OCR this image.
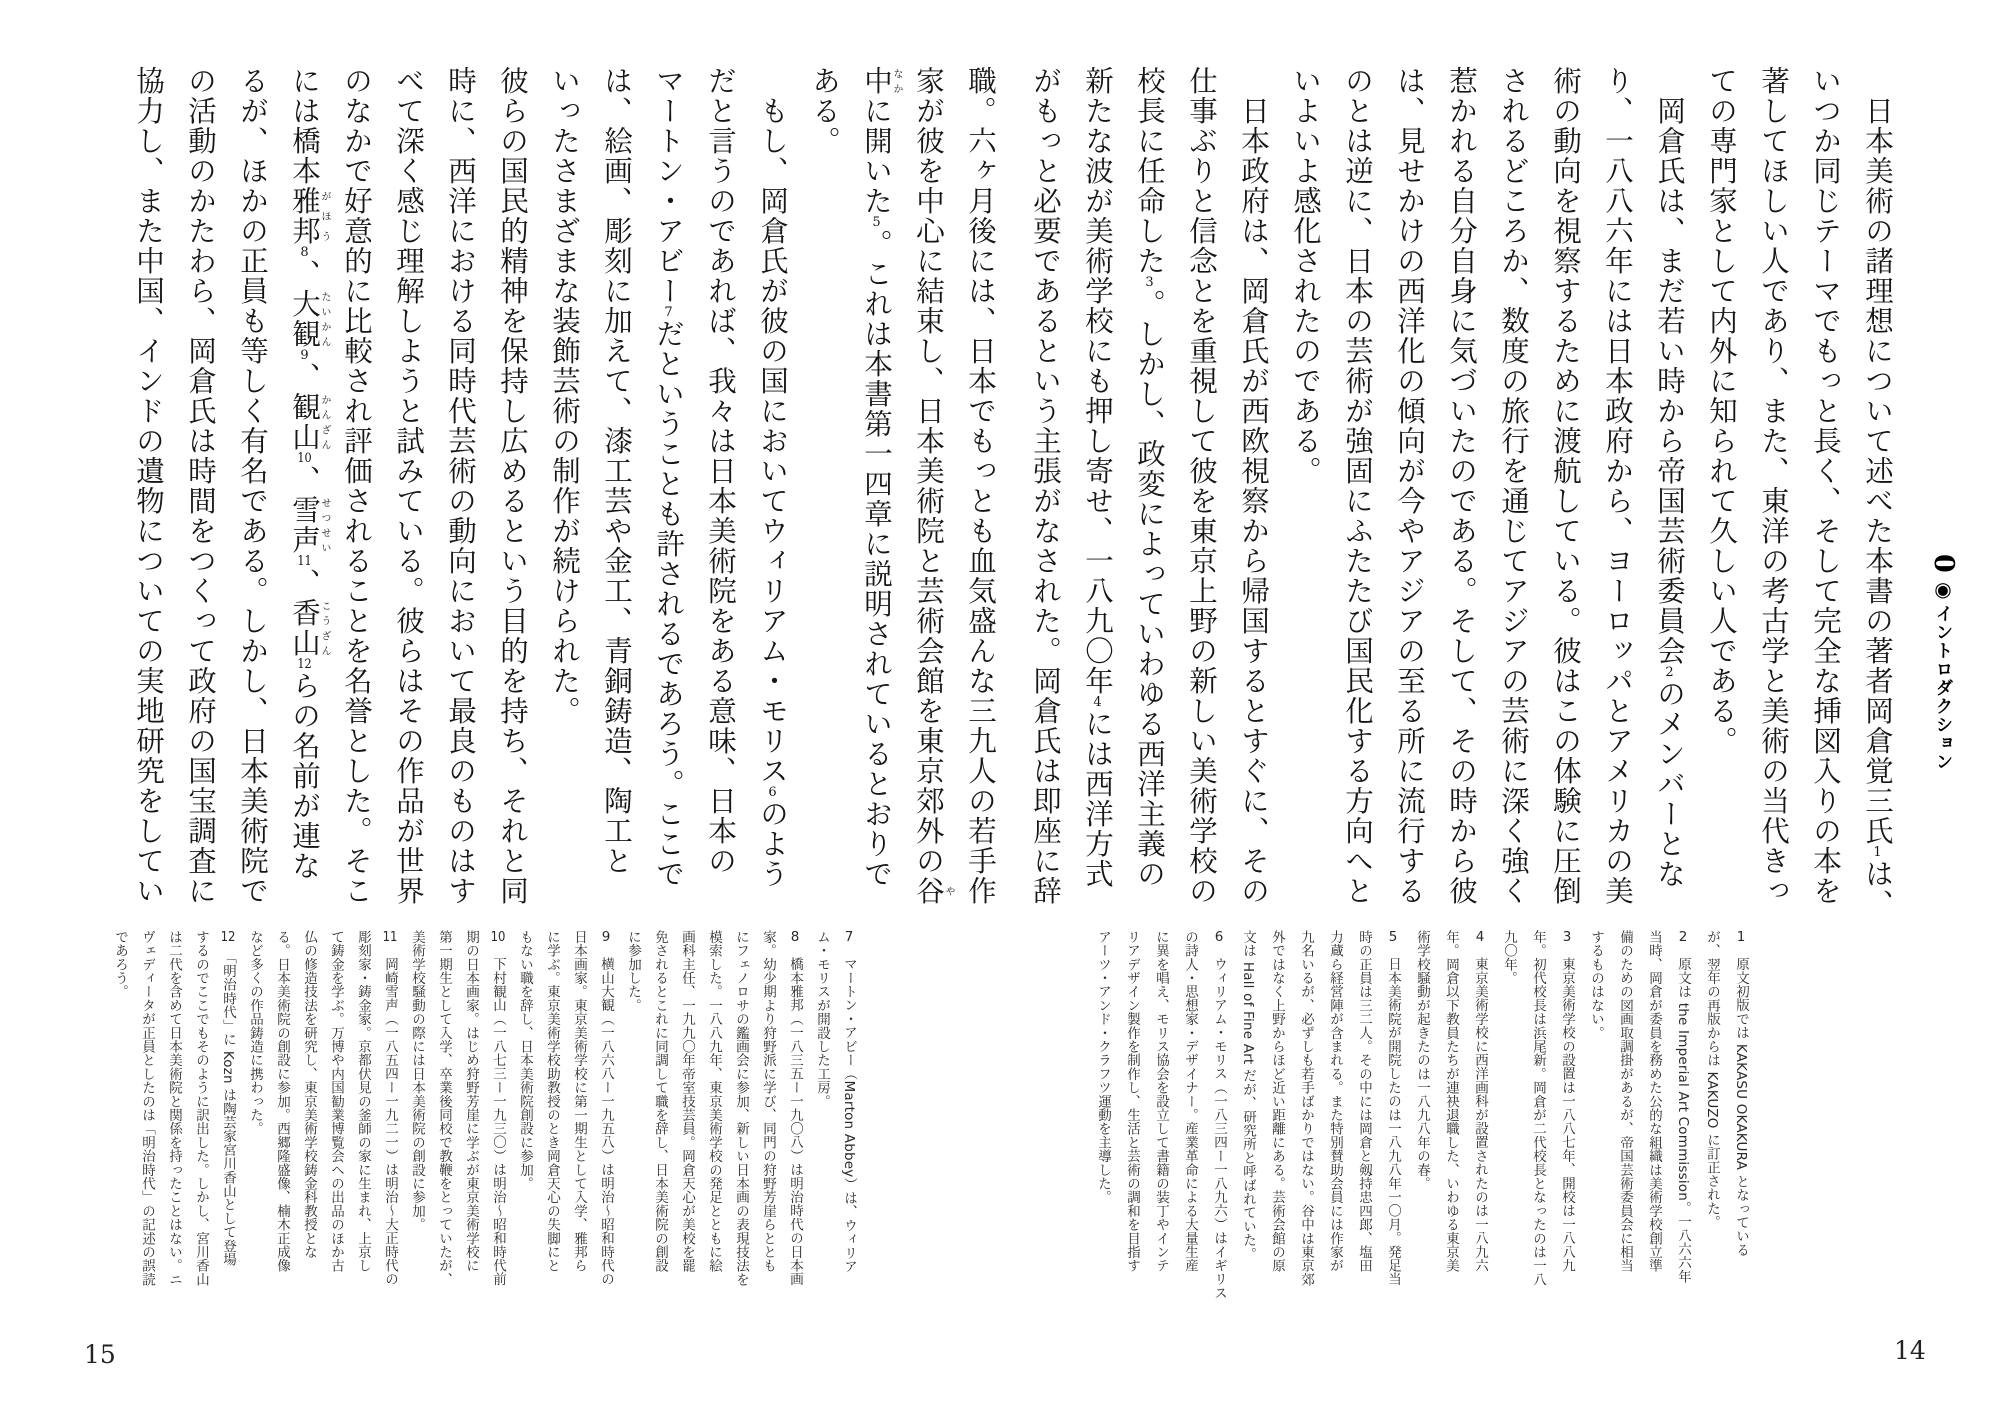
0◉イントロダクション
　日本美術の諸理想について述べた本書の著者岡倉覚三氏1は、
いつか同じテーマでもっと長く、そして完全な挿図入りの本を
著してほしい人であり、また、東洋の考古学と美術の当代きっ
ての専門家として内外に知られて久しい人である。
　岡倉氏は、まだ若い時から帝国芸術委員会2のメンバーとな
り、一八八六年には日本政府から、ヨーロッパとアメリカの美
術の動向を視察するために渡航している。彼はこの体験に圧倒
されるどころか、数度の旅行を通じてアジアの芸術に深く強く
惹かれる自分自身に気づいたのである。そして、その時から彼
は、見せかけの西洋化の傾向が今やアジアの至る所に流行する
のとは逆に、日本の芸術が強固にふたたび国民化する方向へと
いよいよ感化されたのである。
　日本政府は、岡倉氏が西欧視察から帰国するとすぐに、その
仕事ぶりと信念とを重視して彼を東京上野の新しい美術学校の
校長に任命した3。しかし、政変によっていわゆる西洋主義の
新たな波が美術学校にも押し寄せ、一八九〇年4には西洋方式
がもっと必要であるという主張がなされた。岡倉氏は即座に辞
1　原文初版では KAKASU OKAKURA となっている
が、翌年の再版からは KAKUZO に訂正された。
2　原文は the Imperial Art Commission。一八六六年
当時、岡倉が委員を務めた公的な組織は美術学校創立準
備のための図画取調掛があるが、帝国芸術委員会に相当
するものはない。
3　東京美術学校の設置は一八八七年、開校は一八八九
年。初代校長は浜尾新。岡倉が二代校長となったのは一八
九〇年。
4　東京美術学校に西洋画科が設置されたのは一八九六
年。岡倉以下教員たちが連袂退職した、いわゆる東京美
術学校騒動が起きたのは一八九八年の春。
5　日本美術院が開院したのは一八九八年一〇月。発足当
時の正員は三二人。その中には岡倉と剱持忠四郎、塩田
力蔵ら経営陣が含まれる。また特別賛助会員には作家が
九名いるが、必ずしも若手ばかりではない。谷中は東京郊
外ではなく上野からほど近い距離にある。芸術会館の原
文は Hall of Fine Art だが、研究所と呼ばれていた。
6　ウィリアム・モリス（一八三四ー一八九六）はイギリス
の詩人・思想家・デザイナー。産業革命による大量生産
に異を唱え、モリス協会を設立して書籍の装丁やインテ
リアデザイン製作を制作し、生活と芸術の調和を目指す
アーツ・アンド・クラフツ運動を主導した。
14
職。六ヶ月後には、日本でもっとも血気盛んな三九人の若手作
家が彼を中心に結束し、日本美術院と芸術会館を東京郊外の谷や
中なかに開いた5。これは本書第一四章に説明されているとおりで
ある。
　もし、岡倉氏が彼の国においてウィリアム・モリス6のよう
だと言うのであれば、我々は日本美術院をある意味、日本の
マートン・アビー7だということも許されるであろう。ここで
は、絵画、彫刻に加えて、漆工芸や金工、青銅鋳造、陶工と
いったさまざまな装飾芸術の制作が続けられた。
彼らの国民的精神を保持し広めるという目的を持ち、それと同
時に、西洋における同時代芸術の動向において最良のものはす
べて深く感じ理解しようと試みている。彼らはその作品が世界
のなかで好意的に比較され評価されることを名誉とした。そこ
には橋本雅邦がほう8、大観たいかん9、観山かんざん10、雪声せつせい11、香山こうざん12らの名前が連な
るが、ほかの正員も等しく有名である。しかし、日本美術院で
の活動のかたわら、岡倉氏は時間をつくって政府の国宝調査に
協力し、また中国、インドの遺物についての実地研究をしてい
7　マートン・アビー（Marton Abbey）は、ウィリア
ム・モリスが開設した工房。
8　橋本雅邦（一八三五ー一九〇八）は明治時代の日本画
家。幼少期より狩野派に学び、同門の狩野芳崖らととも
にフェノロサの鑑画会に参加、新しい日本画の表現技法を
模索した。一八八九年、東京美術学校の発足とともに絵
画科主任、一九九〇年帝室技芸員。岡倉天心が美校を罷
免されるとこれに同調して職を辞し、日本美術院の創設
に参加した。
9　横山大観（一八六八ー一九五八）は明治〜昭和時代の
日本画家。東京美術学校に第一期生として入学、雅邦ら
に学ぶ。東京美術学校助教授のとき岡倉天心の失脚にと
もない職を辞し、日本美術院創設に参加。
10　下村観山（一八七三ー一九三〇）は明治〜昭和時代前
期の日本画家。はじめ狩野芳崖に学ぶが東京美術学校に
第一期生として入学、卒業後同校で教鞭をとっていたが、
美術学校騒動の際には日本美術院の創設に参加。
11　岡崎雪声（一八五四ー一九二一）は明治〜大正時代の
彫刻家・鋳金家。京都伏見の釜師の家に生まれ、上京し
て鋳金を学ぶ。万博や内国勧業博覧会への出品のほか古
仏の修造技法を研究し、東京美術学校鋳金科教授とな
る。日本美術院の創設に参加。西郷隆盛像、楠木正成像
など多くの作品鋳造に携わった。
12　「明治時代」に Kozn は陶芸家宮川香山として登場
するのでここでもそのように訳出した。しかし、宮川香山
は二代を含めて日本美術院と関係を持ったことはない。ニ
ヴェディータが正員としたのは「明治時代」の記述の誤読
であろう。
15
